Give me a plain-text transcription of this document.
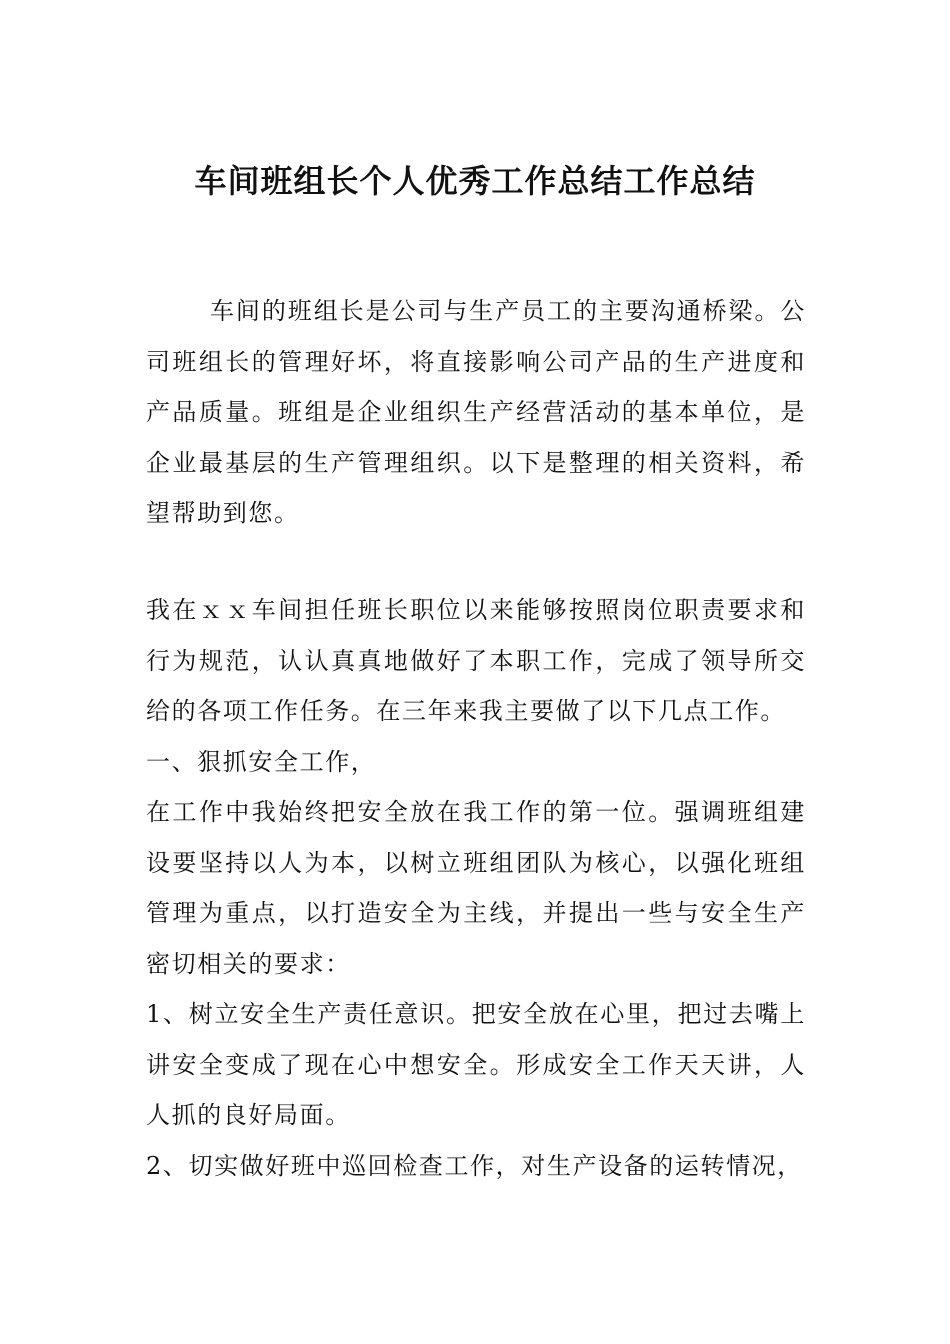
车间班组长个人优秀工作总结工作总结

车间的班组长是公司与生产员工的主要沟通桥梁。公司班组长的管理好坏，将直接影响公司产品的生产进度和产品质量。班组是企业组织生产经营活动的基本单位，是企业最基层的生产管理组织。以下是整理的相关资料，希望帮助到您。

我在ｘｘ车间担任班长职位以来能够按照岗位职责要求和行为规范，认认真真地做好了本职工作，完成了领导所交给的各项工作任务。在三年来我主要做了以下几点工作。

一、狠抓安全工作，

在工作中我始终把安全放在我工作的第一位。强调班组建设要坚持以人为本，以树立班组团队为核心，以强化班组管理为重点，以打造安全为主线，并提出一些与安全生产密切相关的要求：

1、树立安全生产责任意识。把安全放在心里，把过去嘴上讲安全变成了现在心中想安全。形成安全工作天天讲，人人抓的良好局面。

2、切实做好班中巡回检查工作，对生产设备的运转情况，
